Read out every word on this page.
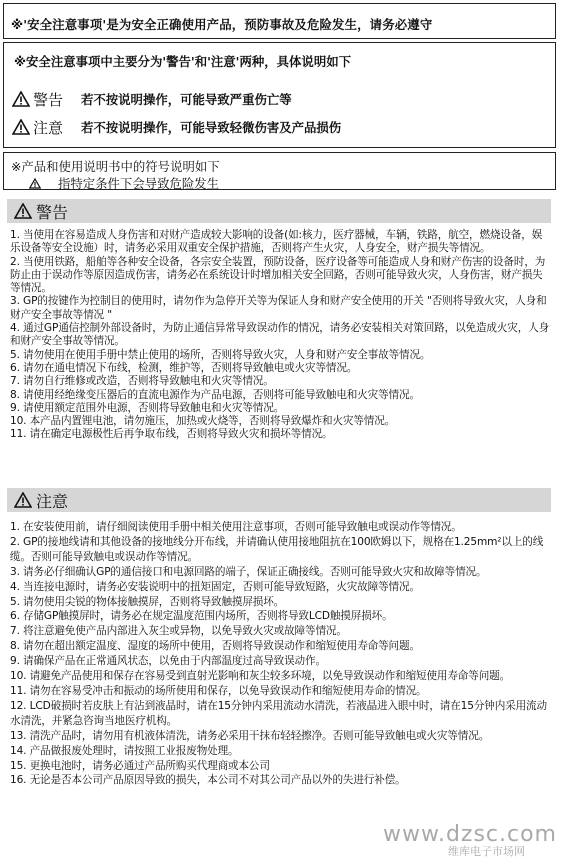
※'安全注意事项'是为安全正确使用产品，预防事故及危险发生，请务必遵守
※安全注意事项中主要分为'警告'和'注意'两种，具体说明如下
警告	若不按说明操作，可能导致严重伤亡等
注意	若不按说明操作，可能导致轻微伤害及产品损伤
※产品和使用说明书中的符号说明如下
指特定条件下会导致危险发生
警告
1. 当使用在容易造成人身伤害和对财产造成较大影响的设备(如:核力，医疗器械，车辆，铁路，航空，燃烧设备，娱乐设备等安全设施）时，请务必采用双重安全保护措施，否则将产生火灾，人身安全，财产损失等情况。
2. 当使用铁路，船舶等各种安全设备，各宗安全装置，预防设备，医疗设备等可能造成人身和财产伤害的设备时，为防止由于误动作等原因造成伤害，请务必在系统设计时增加相关安全回路，否则可能导致火灾，人身伤害，财产损失等情况。
3. GP的按键作为控制目的使用时，请勿作为急停开关等为保证人身和财产安全使用的开关 "否则将导致火灾，人身和财产安全事故等情况 "
4. 通过GP通信控制外部设备时，为防止通信异常导致误动作的情况，请务必安装相关对策回路，以免造成火灾，人身和财产安全事故等情况。
5. 请勿使用在使用手册中禁止使用的场所，否则将导致火灾，人身和财产安全事故等情况。
6. 请勿在通电情况下布线，检测，维护等，否则将导致触电或火灾等情况。
7. 请勿自行维修或改造，否则将导致触电和火灾等情况。
8. 请使用经绝缘变压器后的直流电源作为产品电源，否则将可能导致触电和火灾等情况。
9. 请使用额定范围外电源，否则将导致触电和火灾等情况。
10. 本产品内置锂电池，请勿施压，加热或火烧等，否则将导致爆炸和火灾等情况。
11. 请在确定电源极性后再争取布线，否则将导致火灾和损坏等情况。
注意
1. 在安装使用前，请仔细阅读使用手册中相关使用注意事项，否则可能导致触电或误动作等情况。
2. GP的接地线请和其他设备的接地线分开布线，并请确认使用接地阻抗在100欧姆以下，规格在1.25mm²以上的线缆。否则可能导致触电或误动作等情况。
3. 请务必仔细确认GP的通信接口和电源回路的端子，保证正确接线。否则可能导致火灾和故障等情况。
4. 当连接电源时，请务必安装说明中的扭矩固定，否则可能导致短路，火灾故障等情况。
5. 请勿使用尖锐的物体接触摸屏，否则将导致触摸屏损坏。
6. 存储GP触摸屏时，请务必在规定温度范围内场所，否则将导致LCD触摸屏损坏。
7. 将注意避免使产品内部进入灰尘或异物，以免导致火灾或故障等情况。
8. 请勿在超出额定温度、湿度的场所中使用，否则将导致误动作和缩短使用寿命等问题。
9. 请确保产品在正常通风状态，以免由于内部温度过高导致误动作。
10. 请避免产品使用和保存在容易受到直射光影响和灰尘较多环境，以免导致误动作和缩短使用寿命等问题。
11. 请勿在容易受冲击和振动的场所使用和保存，以免导致误动作和缩短使用寿命的情况。
12. LCD破损时若皮肤上有沾到液晶时，请在15分钟内采用流动水清洗，若液晶进入眼中时，请在15分钟内采用流动水清洗，并紧急咨询当地医疗机构。
13. 清洗产品时，请勿用有机液体清洗，请务必采用干抹布轻轻擦净。否则可能导致触电或火灾等情况。
14. 产品做报废处理时，请按照工业报废物处理。
15. 更换电池时，请务必通过产品所购买代理商或本公司
16. 无论是否本公司产品原因导致的损失，本公司不对其公司产品以外的失进行补偿。
www.dzsc.com
维库电子市场网
